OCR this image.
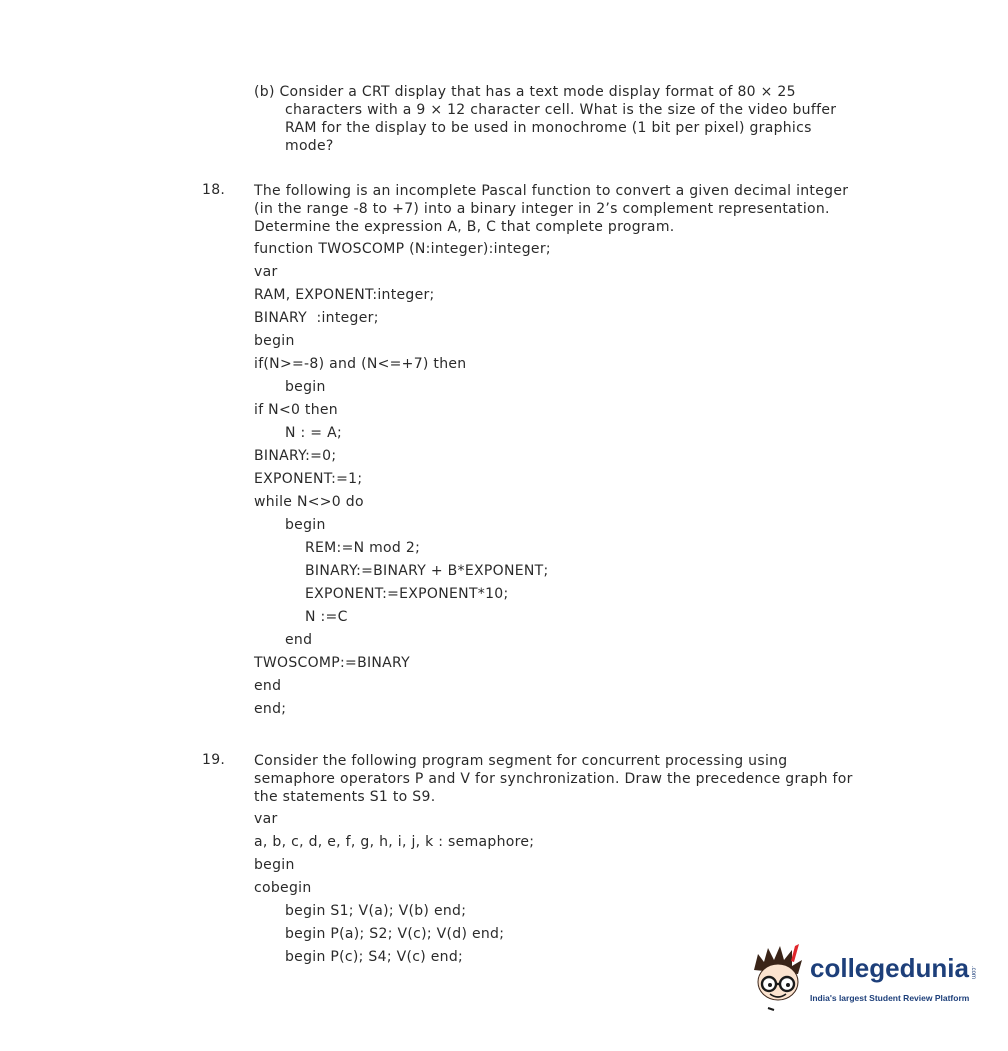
(b) Consider a CRT display that has a text mode display format of 80 × 25
characters with a 9 × 12 character cell. What is the size of the video buffer
RAM for the display to be used in monochrome (1 bit per pixel) graphics
mode?
18. The following is an incomplete Pascal function to convert a given decimal integer
(in the range -8 to +7) into a binary integer in 2’s complement representation.
Determine the expression A, B, C that complete program.
function TWOSCOMP (N:integer):integer;
var
RAM, EXPONENT:integer;
BINARY  :integer;
begin
if(N>=-8) and (N<=+7) then
begin
if N<0 then
N : = A;
BINARY:=0;
EXPONENT:=1;
while N<>0 do
begin
REM:=N mod 2;
BINARY:=BINARY + B*EXPONENT;
EXPONENT:=EXPONENT*10;
N :=C
end
TWOSCOMP:=BINARY
end
end;
19. Consider the following program segment for concurrent processing using
semaphore operators P and V for synchronization. Draw the precedence graph for
the statements S1 to S9.
var
a, b, c, d, e, f, g, h, i, j, k : semaphore;
begin
cobegin
begin S1; V(a); V(b) end;
begin P(a); S2; V(c); V(d) end;
begin P(c); S4; V(c) end;	collegedunia .com
India's largest Student Review Platform
